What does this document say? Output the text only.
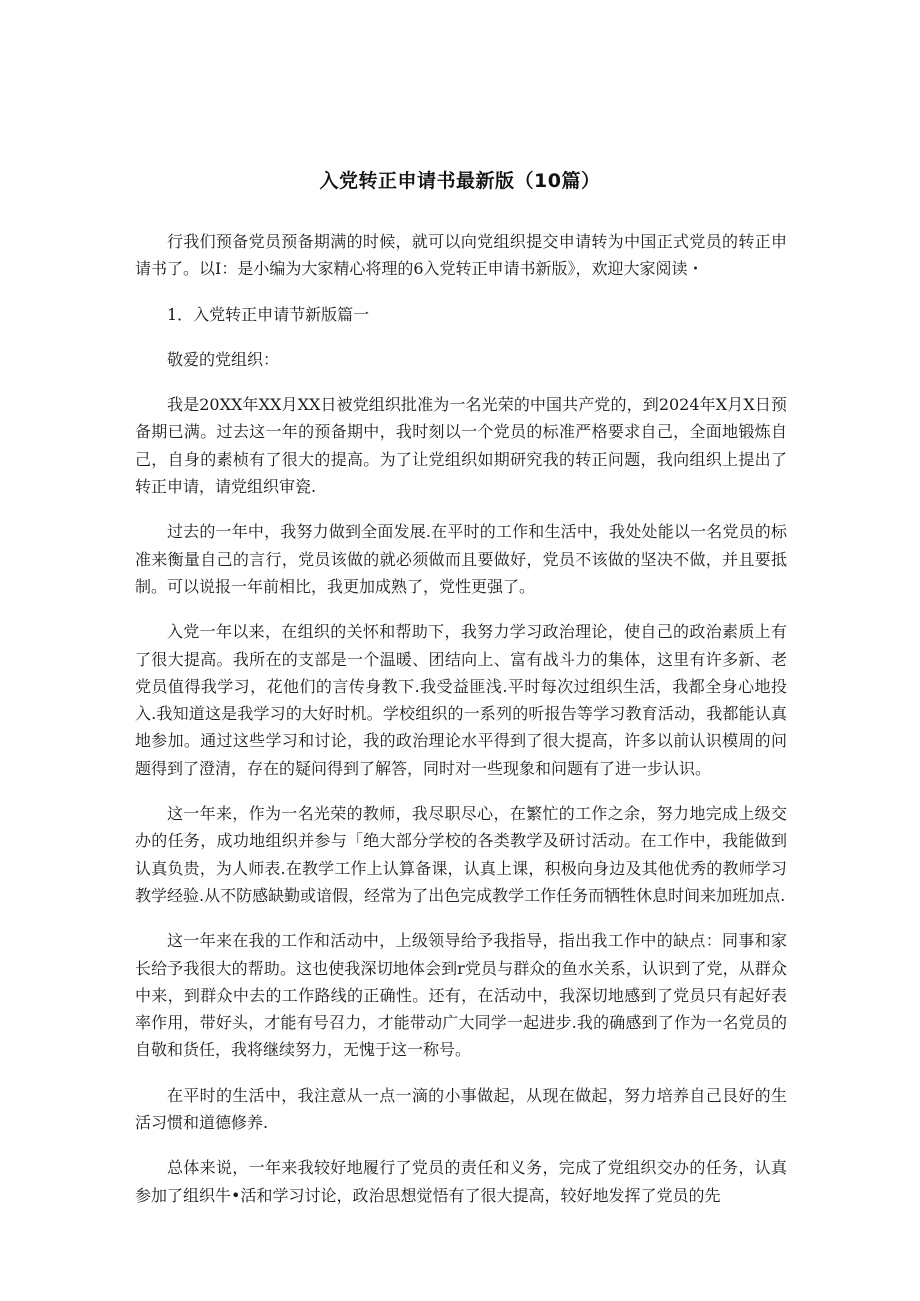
入党转正申请书最新版（10篇）

行我们预备党员预备期满的时候，就可以向党组织提交申请转为中国正式党员的转正申请书了。以I：是小编为大家精心将理的6入党转正申请书新版》，欢迎大家阅读・

1．入党转正申请节新版篇一

敬爱的党组织：

我是20XX年XX月XX日被党组织批准为一名光荣的中国共产党的，到2024年X月X日预备期已满。过去这一年的预备期中，我时刻以一个党员的标准严格要求自己，全面地锻炼自己，自身的素桢有了很大的提高。为了让党组织如期研究我的转正问题，我向组织上提出了转正申请，请党组织审瓷.

过去的一年中，我努力做到全面发展.在平时的工作和生活中，我处处能以一名党员的标准来衡量自己的言行，党员该做的就必须做而且要做好，党员不该做的坚决不做，并且要抵制。可以说报一年前相比，我更加成熟了，党性更强了。

入党一年以来，在组织的关怀和帮助下，我努力学习政治理论，使自己的政治素质上有了很大提高。我所在的支部是一个温暖、团结向上、富有战斗力的集体，这里有许多新、老党员值得我学习，花他们的言传身教下.我受益匪浅.平时每次过组织生活，我都全身心地投入.我知道这是我学习的大好时机。学校组织的一系列的听报告等学习教育活动，我都能认真地参加。通过这些学习和讨论，我的政治理论水平得到了很大提高，许多以前认识模周的问题得到了澄清，存在的疑问得到了解答，同时对一些现象和问题有了进一步认识。

这一年来，作为一名光荣的教师，我尽职尽心，在繁忙的工作之余，努力地完成上级交办的任务，成功地组织并参与「绝大部分学校的各类教学及研讨活动。在工作中，我能做到认真负贵，为人师表.在教学工作上认算备课，认真上课，积极向身边及其他优秀的教师学习教学经验.从不防感缺勤或谙假，经常为了出色完成教学工作任务而牺牲休息时间来加班加点.

这一年来在我的工作和活动中，上级领导给予我指导，指出我工作中的缺点：同事和家长给予我很大的帮助。这也使我深切地体会到r党员与群众的鱼水关系，认识到了党，从群众中来，到群众中去的工作路线的正确性。还有，在活动中，我深切地感到了党员只有起好表率作用，带好头，才能有号召力，才能带动广大同学一起进步.我的确感到了作为一名党员的自敬和货任，我将继续努力，无愧于这一称号。

在平时的生活中，我注意从一点一滴的小事做起，从现在做起，努力培养自己艮好的生活习惯和道德修养.

总体来说，一年来我较好地履行了党员的责任和义务，完成了党组织交办的任务，认真参加了组织牛•活和学习讨论，政治思想觉悟有了很大提高，较好地发挥了党员的先
